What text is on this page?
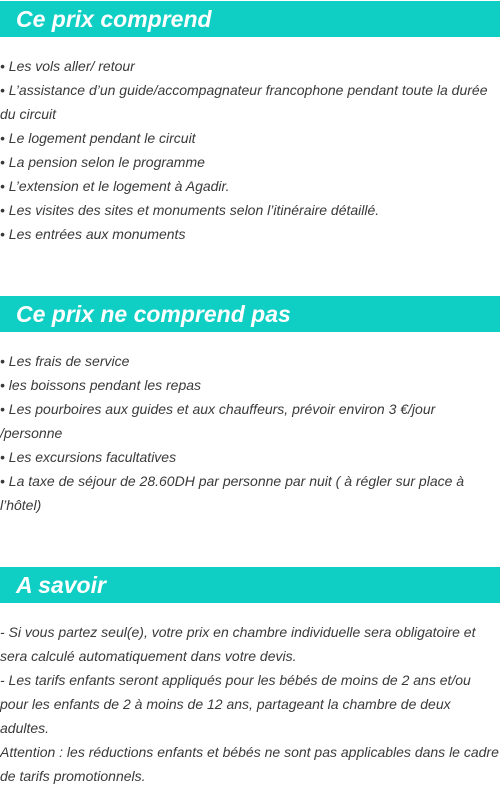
Ce prix comprend
• Les vols aller/ retour
• L’assistance d’un guide/accompagnateur francophone pendant toute la durée du circuit
• Le logement pendant le circuit
• La pension selon le programme
• L’extension et le logement à Agadir.
• Les visites des sites et monuments selon l’itinéraire détaillé.
• Les entrées aux monuments
Ce prix ne comprend pas
• Les frais de service
• les boissons pendant les repas
• Les pourboires aux guides et aux chauffeurs, prévoir environ 3 €/jour /personne
• Les excursions facultatives
• La taxe de séjour de 28.60DH par personne par nuit ( à régler sur place à l’hôtel)
A savoir
- Si vous partez seul(e), votre prix en chambre individuelle sera obligatoire et sera calculé automatiquement dans votre devis.
- Les tarifs enfants seront appliqués pour les bébés de moins de 2 ans et/ou pour les enfants de 2 à moins de 12 ans, partageant la chambre de deux adultes.
Attention : les réductions enfants et bébés ne sont pas applicables dans le cadre de tarifs promotionnels.
